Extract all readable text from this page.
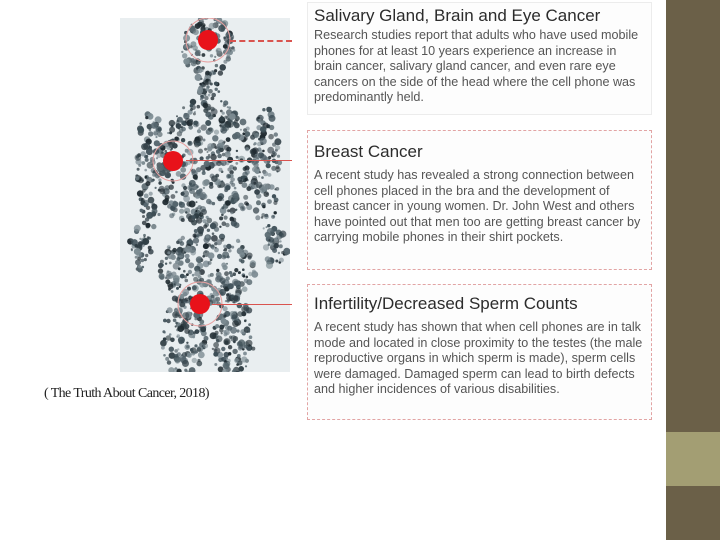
Salivary Gland, Brain and Eye Cancer
Research studies report that adults who have used mobile phones for at least 10 years experience an increase in brain cancer, salivary gland cancer, and even rare eye cancers on the side of the head where the cell phone was predominantly held.
Breast Cancer
A recent study has revealed a strong connection between cell phones placed in the bra and the development of breast cancer in young women. Dr. John West and others have pointed out that men too are getting breast cancer by carrying mobile phones in their shirt pockets.
Infertility/Decreased Sperm Counts
A recent study has shown that when cell phones are in talk mode and located in close proximity to the testes (the male reproductive organs in which sperm is made), sperm cells were damaged. Damaged sperm can lead to birth defects and higher incidences of various disabilities.
( The Truth About Cancer, 2018)
